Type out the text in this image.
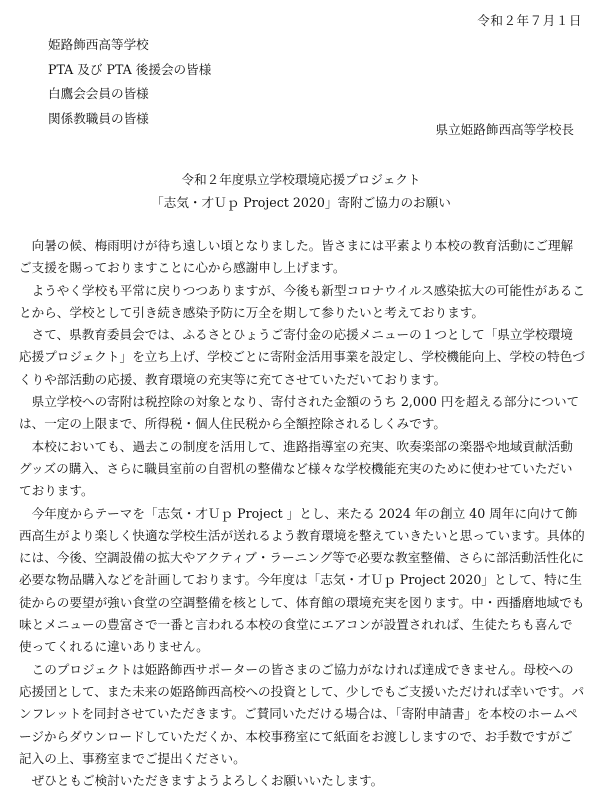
令和２年７月１日
姫路飾西高等学校
PTA 及び PTA 後援会の皆様
白鷹会会員の皆様
関係教職員の皆様
県立姫路飾西高等学校長
令和２年度県立学校環境応援プロジェクト
「志気・才Ｕｐ Project 2020」寄附ご協力のお願い

向暑の候、梅雨明けが待ち遠しい頃となりました。皆さまには平素より本校の教育活動にご理解ご支援を賜っておりますことに心から感謝申し上げます。

ようやく学校も平常に戻りつつありますが、今後も新型コロナウイルス感染拡大の可能性があることから、学校として引き続き感染予防に万全を期して参りたいと考えております。

さて、県教育委員会では、ふるさとひょうご寄付金の応援メニューの１つとして「県立学校環境応援プロジェクト」を立ち上げ、学校ごとに寄附金活用事業を設定し、学校機能向上、学校の特色づくりや部活動の応援、教育環境の充実等に充てさせていただいております。

県立学校への寄附は税控除の対象となり、寄付された金額のうち 2,000 円を超える部分については、一定の上限まで、所得税・個人住民税から全額控除されるしくみです。

本校においても、過去この制度を活用して、進路指導室の充実、吹奏楽部の楽器や地域貢献活動グッズの購入、さらに職員室前の自習机の整備など様々な学校機能充実のために使わせていただいております。

今年度からテーマを「志気・才Ｕｐ Project 」とし、来たる 2024 年の創立 40 周年に向けて飾西高生がより楽しく快適な学校生活が送れるよう教育環境を整えていきたいと思っています。具体的には、今後、空調設備の拡大やアクティブ・ラーニング等で必要な教室整備、さらに部活動活性化に必要な物品購入などを計画しております。今年度は「志気・才Ｕｐ Project 2020」として、特に生徒からの要望が強い食堂の空調整備を核として、体育館の環境充実を図ります。中・西播磨地域でも味とメニューの豊富さで一番と言われる本校の食堂にエアコンが設置されれば、生徒たちも喜んで使ってくれるに違いありません。

このプロジェクトは姫路飾西サポーターの皆さまのご協力がなければ達成できません。母校への応援団として、また未来の姫路飾西高校への投資として、少しでもご支援いただければ幸いです。パンフレットを同封させていただきます。ご賛同いただける場合は、「寄附申請書」を本校のホームページからダウンロードしていただくか、本校事務室にて紙面をお渡ししますので、お手数ですがご記入の上、事務室までご提出ください。

ぜひともご検討いただきますようよろしくお願いいたします。
